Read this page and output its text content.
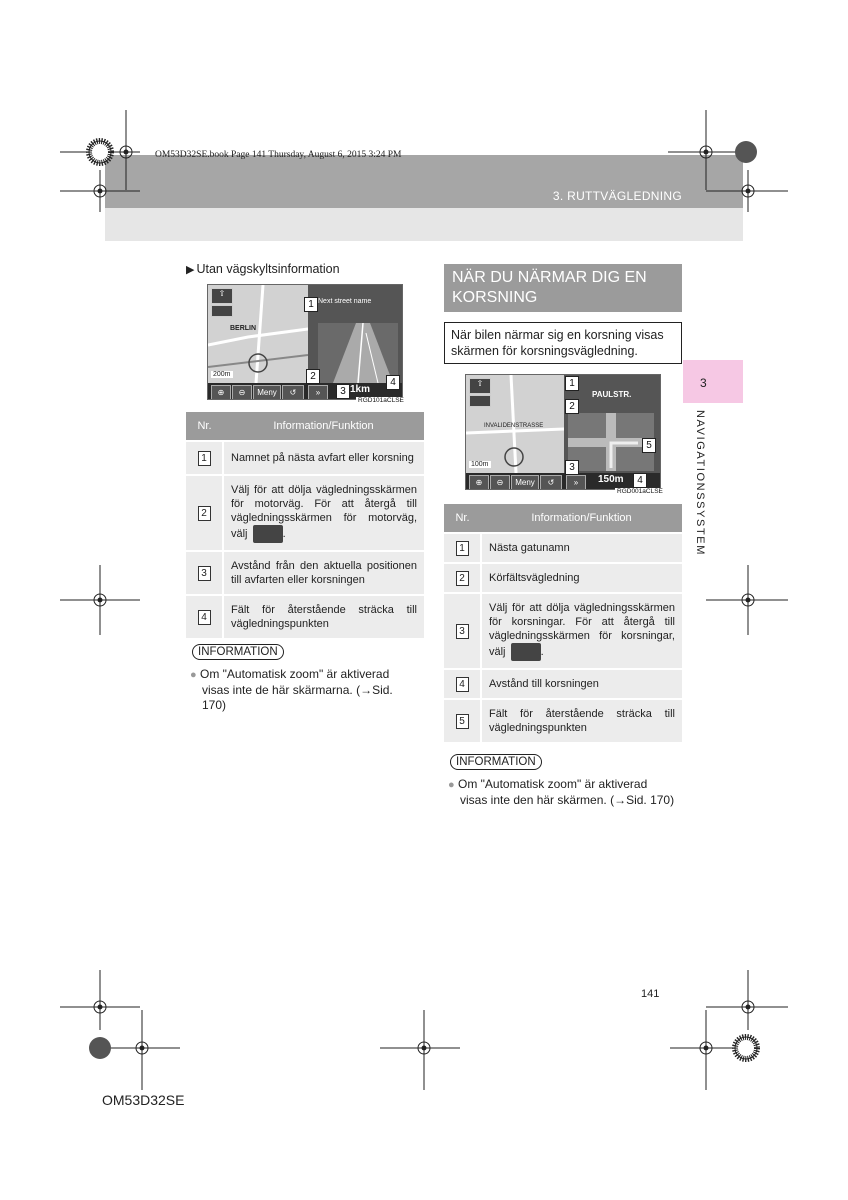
OM53D32SE.book Page 141 Thursday, August 6, 2015 3:24 PM
3. RUTTVÄGLEDNING
3
NAVIGATIONSSYSTEM
▶ Utan vägskyltsinformation
BERLIN
200m
⇧
Next street name
⊕	⊖	Meny	↺	»	1km
1
2
3
4
RGD101aCLSE
Nr.	Information/Funktion
1	Namnet på nästa avfart eller korsning
2	Välj för att dölja vägledningsskärmen för motorväg. För att återgå till vägledningsskärmen för motorväg, välj .
3	Avstånd från den aktuella positionen till avfarten eller korsningen
4	Fält för återstående sträcka till vägledningspunkten
INFORMATION
● Om "Automatisk zoom" är aktiverad
visas inte de här skärmarna. (→Sid. 170)
NÄR DU NÄRMAR DIG EN KORSNING
När bilen närmar sig en korsning visas skärmen för korsningsvägledning.
INVALIDENSTRASSE
100m
⇧
PAULSTR.
⊕	⊖	Meny	↺	»	150m
1
2
3
4
5
RGD001aCLSE
Nr.	Information/Funktion
1	Nästa gatunamn
2	Körfältsvägledning
3	Välj för att dölja vägledningsskärmen för korsningar. För att återgå till vägledningsskärmen för korsningar, välj .
4	Avstånd till korsningen
5	Fält för återstående sträcka till vägledningspunkten
INFORMATION
● Om "Automatisk zoom" är aktiverad
visas inte den här skärmen. (→Sid. 170)
141
OM53D32SE
